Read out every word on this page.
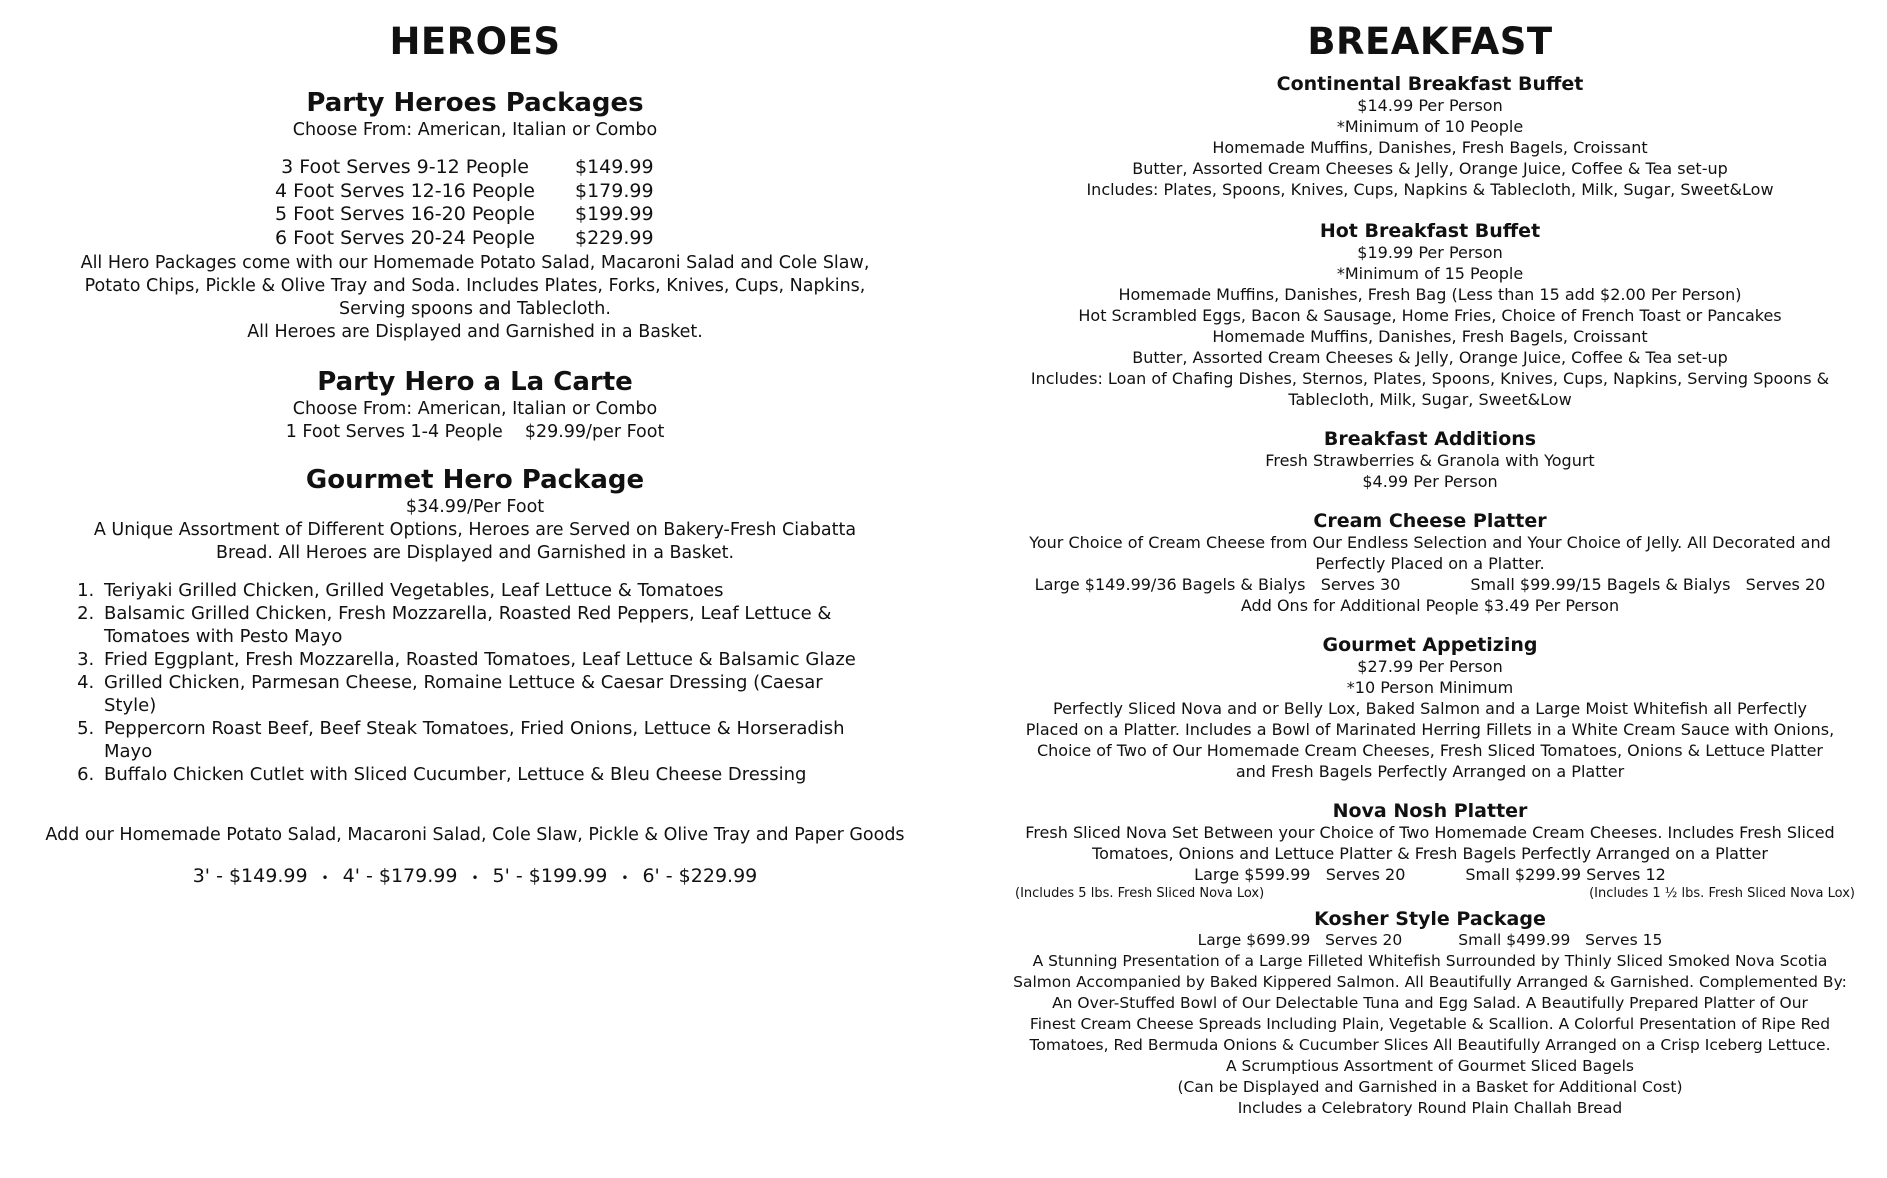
HEROES
Party Heroes Packages
Choose From: American, Italian or Combo
3 Foot Serves 9-12 People	$149.99
4 Foot Serves 12-16 People	$179.99
5 Foot Serves 16-20 People	$199.99
6 Foot Serves 20-24 People	$229.99
All Hero Packages come with our Homemade Potato Salad, Macaroni Salad and Cole Slaw,
Potato Chips, Pickle & Olive Tray and Soda. Includes Plates, Forks, Knives, Cups, Napkins,
Serving spoons and Tablecloth.
All Heroes are Displayed and Garnished in a Basket.
Party Hero a La Carte
Choose From: American, Italian or Combo
1 Foot Serves 1-4 People $29.99/per Foot
Gourmet Hero Package
$34.99/Per Foot
A Unique Assortment of Different Options, Heroes are Served on Bakery-Fresh Ciabatta
Bread. All Heroes are Displayed and Garnished in a Basket.
1. Teriyaki Grilled Chicken, Grilled Vegetables, Leaf Lettuce & Tomatoes
2. Balsamic Grilled Chicken, Fresh Mozzarella, Roasted Red Peppers, Leaf Lettuce & Tomatoes with Pesto Mayo
3. Fried Eggplant, Fresh Mozzarella, Roasted Tomatoes, Leaf Lettuce & Balsamic Glaze
4. Grilled Chicken, Parmesan Cheese, Romaine Lettuce & Caesar Dressing (Caesar Style)
5. Peppercorn Roast Beef, Beef Steak Tomatoes, Fried Onions, Lettuce & Horseradish Mayo
6. Buffalo Chicken Cutlet with Sliced Cucumber, Lettuce & Bleu Cheese Dressing
Add our Homemade Potato Salad, Macaroni Salad, Cole Slaw, Pickle & Olive Tray and Paper Goods
3' - $149.99	• 4' - $179.99	• 5' - $199.99	• 6' - $229.99
BREAKFAST
Continental Breakfast Buffet
$14.99 Per Person
*Minimum of 10 People
Homemade Muffins, Danishes, Fresh Bagels, Croissant
Butter, Assorted Cream Cheeses & Jelly, Orange Juice, Coffee & Tea set-up
Includes: Plates, Spoons, Knives, Cups, Napkins & Tablecloth, Milk, Sugar, Sweet&Low
Hot Breakfast Buffet
$19.99 Per Person
*Minimum of 15 People
Homemade Muffins, Danishes, Fresh Bag (Less than 15 add $2.00 Per Person)
Hot Scrambled Eggs, Bacon & Sausage, Home Fries, Choice of French Toast or Pancakes
Homemade Muffins, Danishes, Fresh Bagels, Croissant
Butter, Assorted Cream Cheeses & Jelly, Orange Juice, Coffee & Tea set-up
Includes: Loan of Chafing Dishes, Sternos, Plates, Spoons, Knives, Cups, Napkins, Serving Spoons &
Tablecloth, Milk, Sugar, Sweet&Low
Breakfast Additions
Fresh Strawberries & Granola with Yogurt
$4.99 Per Person
Cream Cheese Platter
Your Choice of Cream Cheese from Our Endless Selection and Your Choice of Jelly. All Decorated and
Perfectly Placed on a Platter.
Large $149.99/36 Bagels & Bialys   Serves 30	Small $99.99/15 Bagels & Bialys   Serves 20
Add Ons for Additional People $3.49 Per Person
Gourmet Appetizing
$27.99 Per Person
*10 Person Minimum
Perfectly Sliced Nova and or Belly Lox, Baked Salmon and a Large Moist Whitefish all Perfectly
Placed on a Platter. Includes a Bowl of Marinated Herring Fillets in a White Cream Sauce with Onions,
Choice of Two of Our Homemade Cream Cheeses, Fresh Sliced Tomatoes, Onions & Lettuce Platter
and Fresh Bagels Perfectly Arranged on a Platter
Nova Nosh Platter
Fresh Sliced Nova Set Between your Choice of Two Homemade Cream Cheeses. Includes Fresh Sliced
Tomatoes, Onions and Lettuce Platter & Fresh Bagels Perfectly Arranged on a Platter
Large $599.99   Serves 20	Small $299.99 Serves 12
(Includes 5 lbs. Fresh Sliced Nova Lox)	(Includes 1 ½ lbs. Fresh Sliced Nova Lox)
Kosher Style Package
Large $699.99   Serves 20	Small $499.99   Serves 15
A Stunning Presentation of a Large Filleted Whitefish Surrounded by Thinly Sliced Smoked Nova Scotia
Salmon Accompanied by Baked Kippered Salmon. All Beautifully Arranged & Garnished. Complemented By:
An Over-Stuffed Bowl of Our Delectable Tuna and Egg Salad. A Beautifully Prepared Platter of Our
Finest Cream Cheese Spreads Including Plain, Vegetable & Scallion. A Colorful Presentation of Ripe Red
Tomatoes, Red Bermuda Onions & Cucumber Slices All Beautifully Arranged on a Crisp Iceberg Lettuce.
A Scrumptious Assortment of Gourmet Sliced Bagels
(Can be Displayed and Garnished in a Basket for Additional Cost)
Includes a Celebratory Round Plain Challah Bread
